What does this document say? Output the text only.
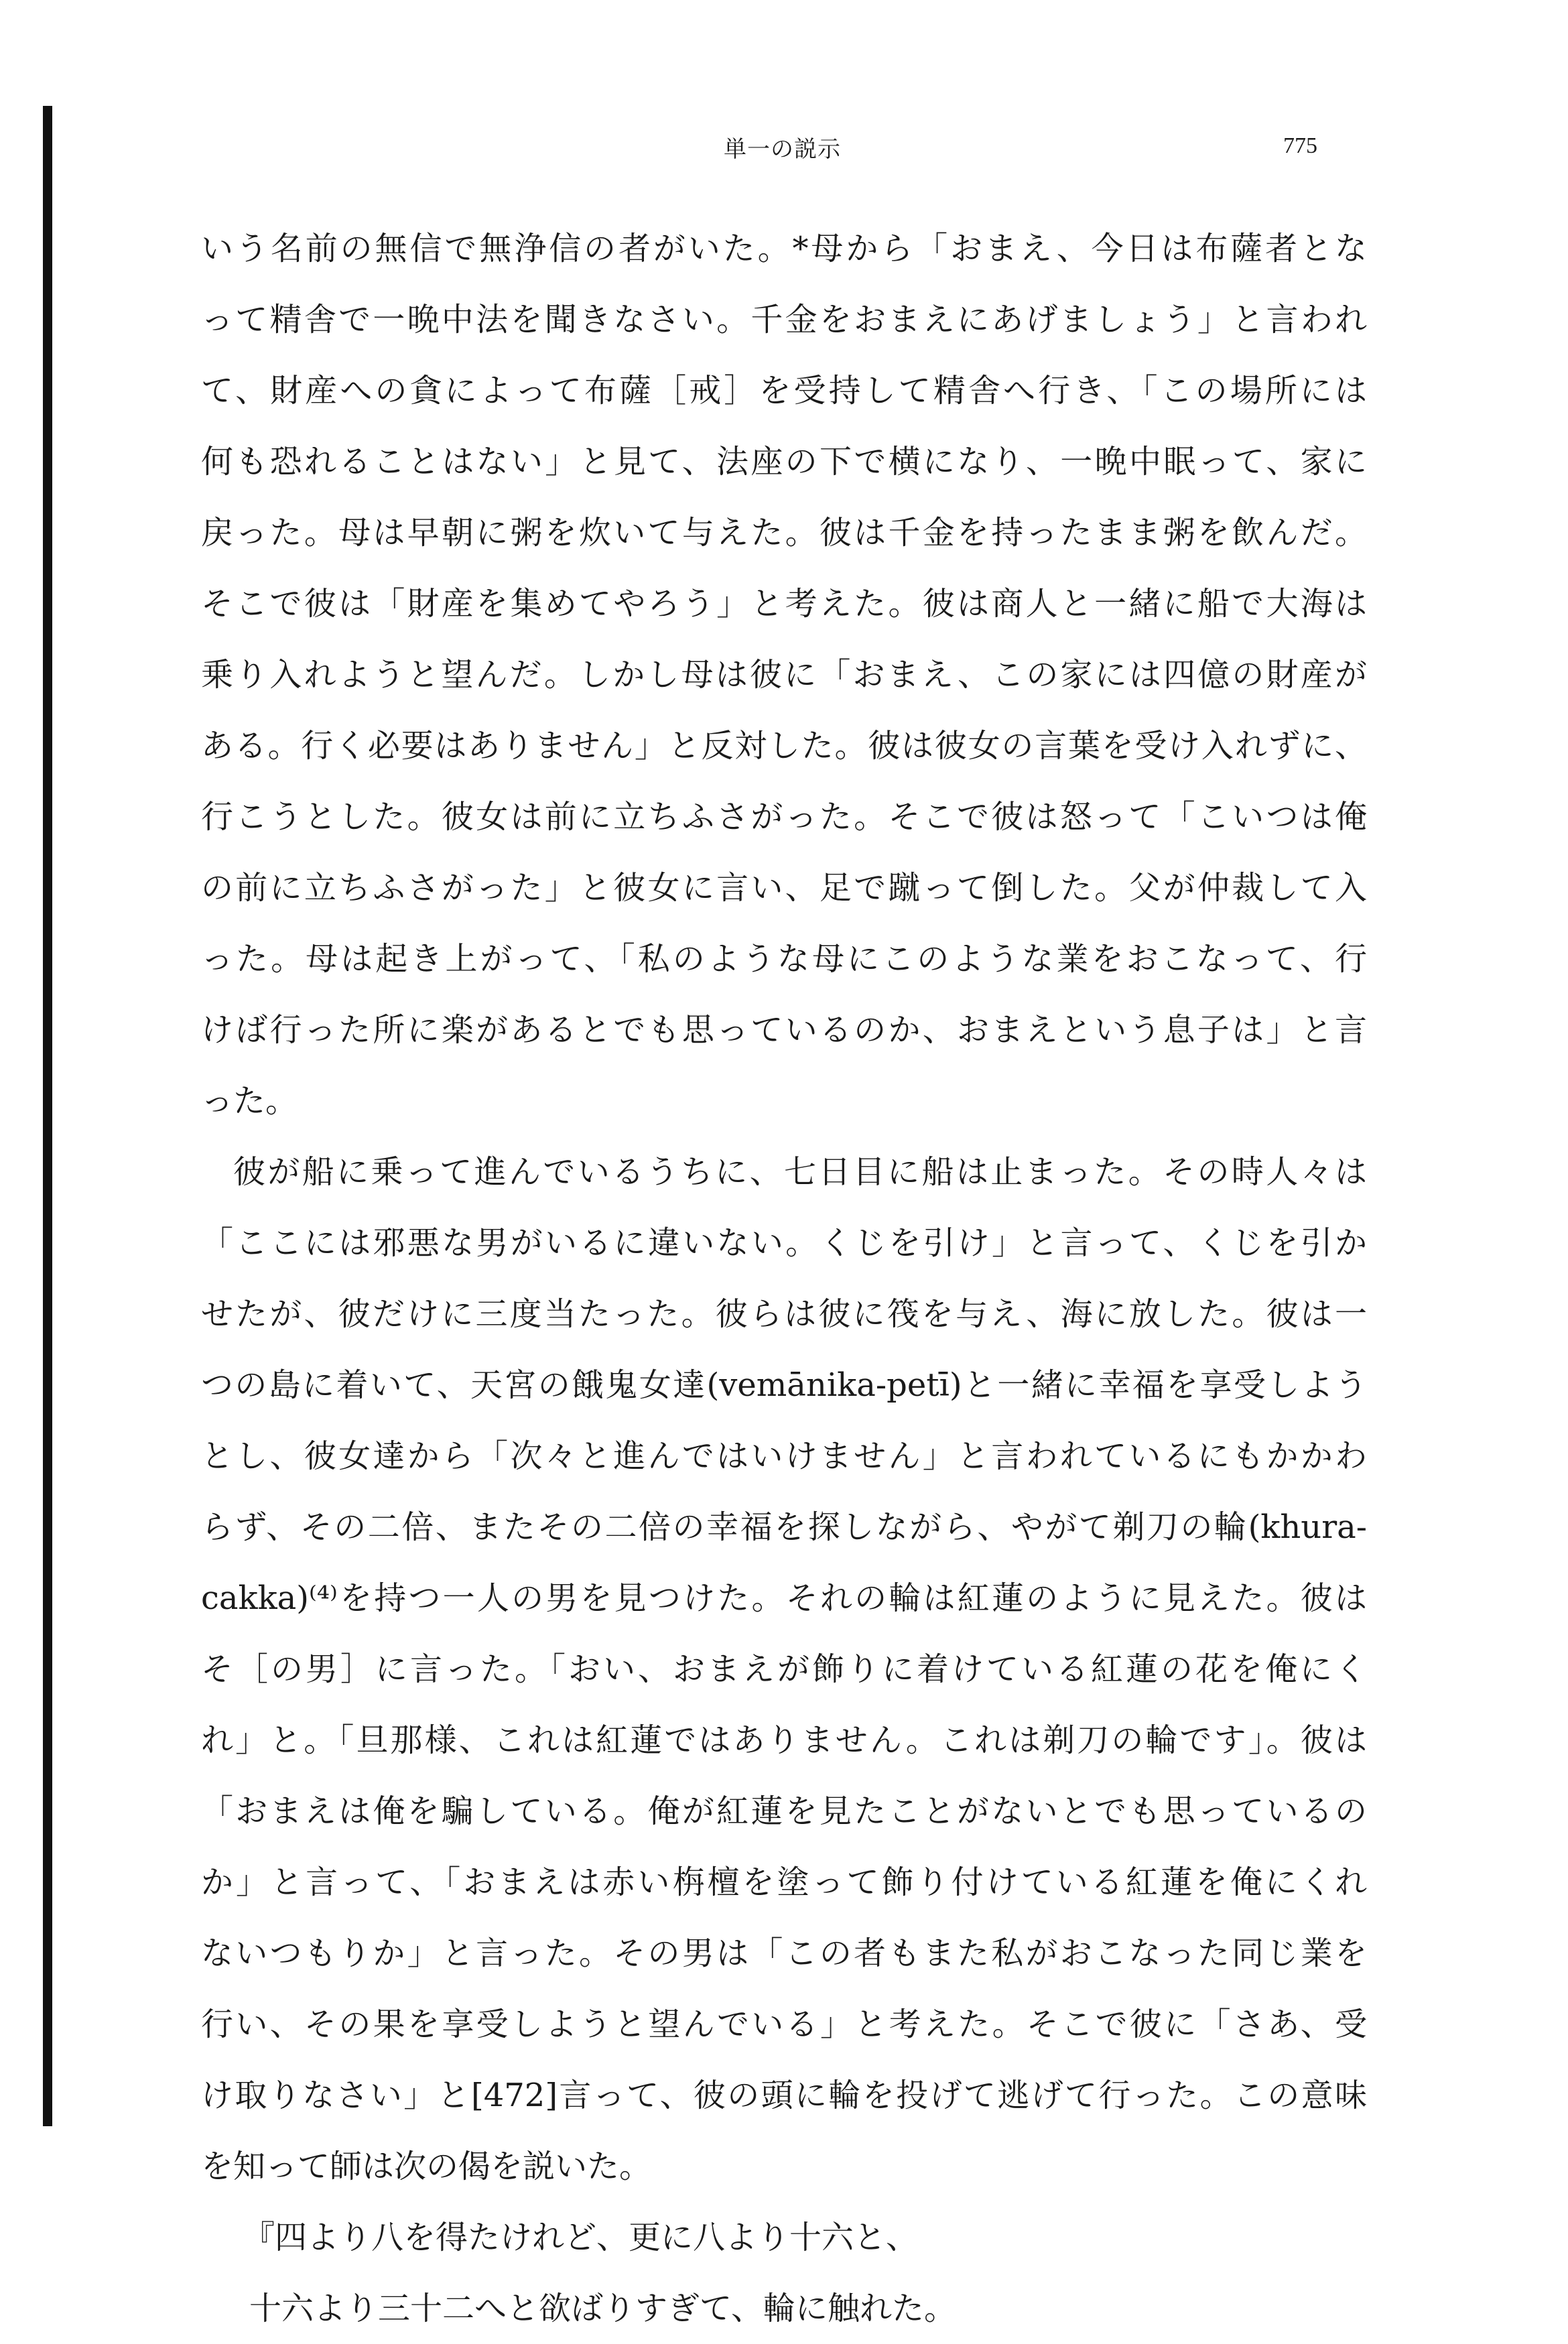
単一の説示	775
いう名前の無信で無浄信の者がいた。*母から「おまえ、今日は布薩者とな
って精舎で一晩中法を聞きなさい。千金をおまえにあげましょう」と言われ
て、財産への貪によって布薩［戒］を受持して精舎へ行き、「この場所には
何も恐れることはない」と見て、法座の下で横になり、一晩中眠って、家に
戻った。母は早朝に粥を炊いて与えた。彼は千金を持ったまま粥を飲んだ。
そこで彼は「財産を集めてやろう」と考えた。彼は商人と一緒に船で大海は
乗り入れようと望んだ。しかし母は彼に「おまえ、この家には四億の財産が
ある。行く必要はありません」と反対した。彼は彼女の言葉を受け入れずに、
行こうとした。彼女は前に立ちふさがった。そこで彼は怒って「こいつは俺
の前に立ちふさがった」と彼女に言い、足で蹴って倒した。父が仲裁して入
った。母は起き上がって、「私のような母にこのような業をおこなって、行
けば行った所に楽があるとでも思っているのか、おまえという息子は」と言
った。
彼が船に乗って進んでいるうちに、七日目に船は止まった。その時人々は
「ここには邪悪な男がいるに違いない。くじを引け」と言って、くじを引か
せたが、彼だけに三度当たった。彼らは彼に筏を与え、海に放した。彼は一
つの島に着いて、天宮の餓鬼女達(vemānika-petī)と一緒に幸福を享受しよう
とし、彼女達から「次々と進んではいけません」と言われているにもかかわ
らず、その二倍、またその二倍の幸福を探しながら、やがて剃刀の輪(khura-
cakka)⁽⁴⁾を持つ一人の男を見つけた。それの輪は紅蓮のように見えた。彼は
そ［の男］に言った。「おい、おまえが飾りに着けている紅蓮の花を俺にく
れ」と。「旦那様、これは紅蓮ではありません。これは剃刀の輪です」。彼は
「おまえは俺を騙している。俺が紅蓮を見たことがないとでも思っているの
か」と言って、「おまえは赤い栴檀を塗って飾り付けている紅蓮を俺にくれ
ないつもりか」と言った。その男は「この者もまた私がおこなった同じ業を
行い、その果を享受しようと望んでいる」と考えた。そこで彼に「さあ、受
け取りなさい」と[472]言って、彼の頭に輪を投げて逃げて行った。この意味
を知って師は次の偈を説いた。
『四より八を得たけれど、更に八より十六と、
十六より三十二へと欲ばりすぎて、輪に触れた。
